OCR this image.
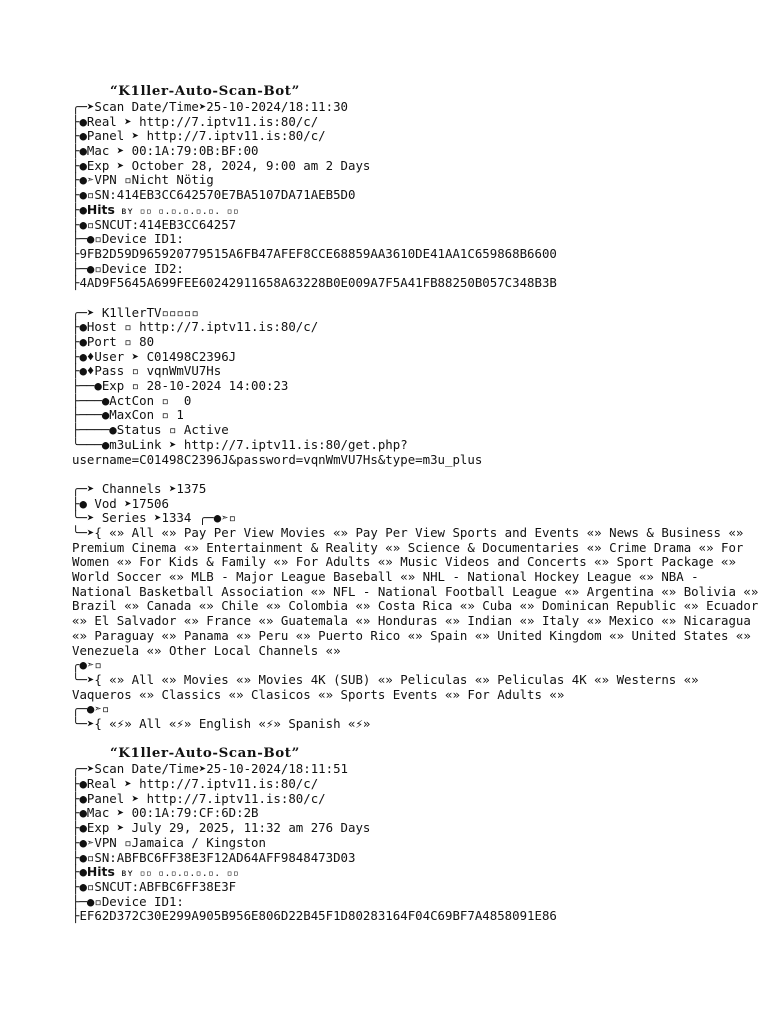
“K1ller-Auto-Scan-Bot”
╭─➤Scan Date/Time➤25-10-2024/18:11:30
├●Real ➤ http://7.iptv11.is:80/c/
├●Panel ➤ http://7.iptv11.is:80/c/
├●Mac ➤ 00:1A:79:0B:BF:00
├●Exp ➤ October 28, 2024, 9:00 am 2 Days
├●➣VPN ▫Nicht Nötig
├●▫SN:414EB3CC642570E7BA5107DA71AEB5D0
├●Hits ʙʏ ▫▫ ▫.▫.▫.▫.▫. ▫▫
├●▫SNCUT:414EB3CC64257
├─●▫Device ID1:
├9FB2D59D965920779515A6FB47AFEF8CCE68859AA3610DE41AA1C659868B6600
├─●▫Device ID2:
├4AD9F5645A699FEE60242911658A63228B0E009A7F5A41FB88250B057C348B3B
╭─➤ K1llerTV▫▫▫▫▫
├●Host ▫ http://7.iptv11.is:80/c/
├●Port ▫ 80
├●♦User ➤ C01498C2396J
├●♦Pass ▫ vqnWmVU7Hs
├──●Exp ▫ 28-10-2024 14:00:23
├───●ActCon ▫  0
├───●MaxCon ▫ 1
├────●Status ▫ Active
╰───●m3uLink ➤ http://7.iptv11.is:80/get.php?
username=C01498C2396J&password=vqnWmVU7Hs&type=m3u_plus
╭─➤ Channels ➤1375
├● Vod ➤17506
╰─➤ Series ➤1334 ╭─●➣▫
╰─➤{ «» All «» Pay Per View Movies «» Pay Per View Sports and Events «» News & Business «» Premium Cinema «» Entertainment & Reality «» Science & Documentaries «» Crime Drama «» For Women «» For Kids & Family «» For Adults «» Music Videos and Concerts «» Sport Package «» World Soccer «» MLB - Major League Baseball «» NHL - National Hockey League «» NBA - National Basketball Association «» NFL - National Football League «» Argentina «» Bolivia «» Brazil «» Canada «» Chile «» Colombia «» Costa Rica «» Cuba «» Dominican Republic «» Ecuador «» El Salvador «» France «» Guatemala «» Honduras «» Indian «» Italy «» Mexico «» Nicaragua «» Paraguay «» Panama «» Peru «» Puerto Rico «» Spain «» United Kingdom «» United States «» Venezuela «» Other Local Channels «»
╭●➣▫
╰─➤{ «» All «» Movies «» Movies 4K (SUB) «» Peliculas «» Peliculas 4K «» Westerns «» Vaqueros «» Classics «» Clasicos «» Sports Events «» For Adults «»
╭─●➣▫
╰─➤{ «⚡» All «⚡» English «⚡» Spanish «⚡»
“K1ller-Auto-Scan-Bot”
╭─➤Scan Date/Time➤25-10-2024/18:11:51
├●Real ➤ http://7.iptv11.is:80/c/
├●Panel ➤ http://7.iptv11.is:80/c/
├●Mac ➤ 00:1A:79:CF:6D:2B
├●Exp ➤ July 29, 2025, 11:32 am 276 Days
├●➣VPN ▫Jamaica / Kingston
├●▫SN:ABFBC6FF38E3F12AD64AFF9848473D03
├●Hits ʙʏ ▫▫ ▫.▫.▫.▫.▫. ▫▫
├●▫SNCUT:ABFBC6FF38E3F
├─●▫Device ID1:
├EF62D372C30E299A905B956E806D22B45F1D80283164F04C69BF7A4858091E86
